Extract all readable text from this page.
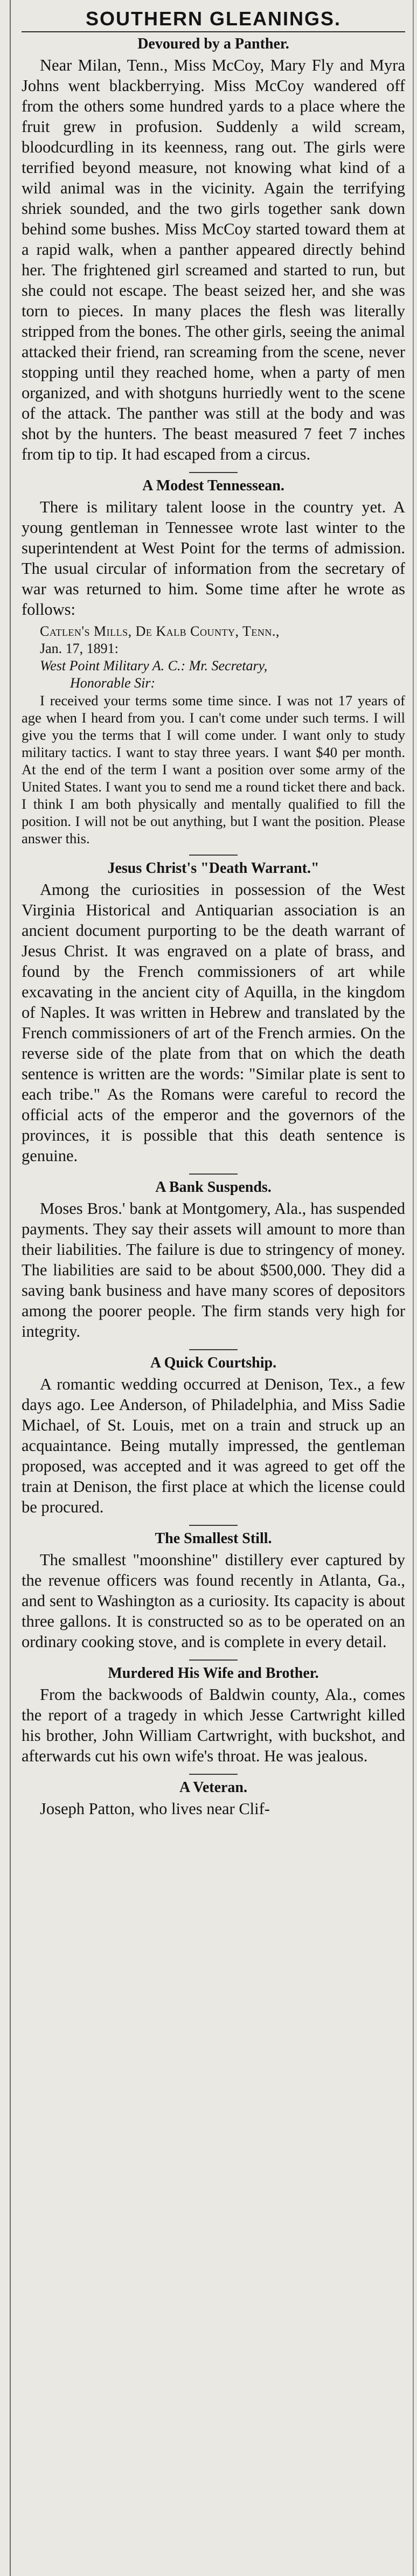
SOUTHERN GLEANINGS.
Devoured by a Panther.

Near Milan, Tenn., Miss McCoy, Mary Fly and Myra Johns went blackberrying. Miss McCoy wandered off from the others some hundred yards to a place where the fruit grew in profusion. Suddenly a wild scream, bloodcurdling in its keenness, rang out. The girls were terrified beyond measure, not knowing what kind of a wild animal was in the vicinity. Again the terrifying shriek sounded, and the two girls together sank down behind some bushes. Miss McCoy started toward them at a rapid walk, when a panther appeared directly behind her. The frightened girl screamed and started to run, but she could not escape. The beast seized her, and she was torn to pieces. In many places the flesh was literally stripped from the bones. The other girls, seeing the animal attacked their friend, ran screaming from the scene, never stopping until they reached home, when a party of men organized, and with shotguns hurriedly went to the scene of the attack. The panther was still at the body and was shot by the hunters. The beast measured 7 feet 7 inches from tip to tip. It had escaped from a circus.

A Modest Tennessean.

There is military talent loose in the country yet. A young gentleman in Tennessee wrote last winter to the superintendent at West Point for the terms of admission. The usual circular of information from the secretary of war was returned to him. Some time after he wrote as follows:

Catlen's Mills, De Kalb County, Tenn.,

Jan. 17, 1891:

West Point Military A. C.: Mr. Secretary,

Honorable Sir:

I received your terms some time since. I was not 17 years of age when I heard from you. I can't come under such terms. I will give you the terms that I will come under. I want only to study military tactics. I want to stay three years. I want $40 per month. At the end of the term I want a position over some army of the United States. I want you to send me a round ticket there and back. I think I am both physically and mentally qualified to fill the position. I will not be out anything, but I want the position. Please answer this.

Jesus Christ's "Death Warrant."

Among the curiosities in possession of the West Virginia Historical and Antiquarian association is an ancient document purporting to be the death warrant of Jesus Christ. It was engraved on a plate of brass, and found by the French commissioners of art while excavating in the ancient city of Aquilla, in the kingdom of Naples. It was written in Hebrew and translated by the French commissioners of art of the French armies. On the reverse side of the plate from that on which the death sentence is written are the words: "Similar plate is sent to each tribe." As the Romans were careful to record the official acts of the emperor and the governors of the provinces, it is possible that this death sentence is genuine.

A Bank Suspends.

Moses Bros.' bank at Montgomery, Ala., has suspended payments. They say their assets will amount to more than their liabilities. The failure is due to stringency of money. The liabilities are said to be about $500,000. They did a saving bank business and have many scores of depositors among the poorer people. The firm stands very high for integrity.

A Quick Courtship.

A romantic wedding occurred at Denison, Tex., a few days ago. Lee Anderson, of Philadelphia, and Miss Sadie Michael, of St. Louis, met on a train and struck up an acquaintance. Being mutally impressed, the gentleman proposed, was accepted and it was agreed to get off the train at Denison, the first place at which the license could be procured.

The Smallest Still.

The smallest "moonshine" distillery ever captured by the revenue officers was found recently in Atlanta, Ga., and sent to Washington as a curiosity. Its capacity is about three gallons. It is constructed so as to be operated on an ordinary cooking stove, and is complete in every detail.

Murdered His Wife and Brother.

From the backwoods of Baldwin county, Ala., comes the report of a tragedy in which Jesse Cartwright killed his brother, John William Cartwright, with buckshot, and afterwards cut his own wife's throat. He was jealous.

A Veteran.

Joseph Patton, who lives near Clif-
